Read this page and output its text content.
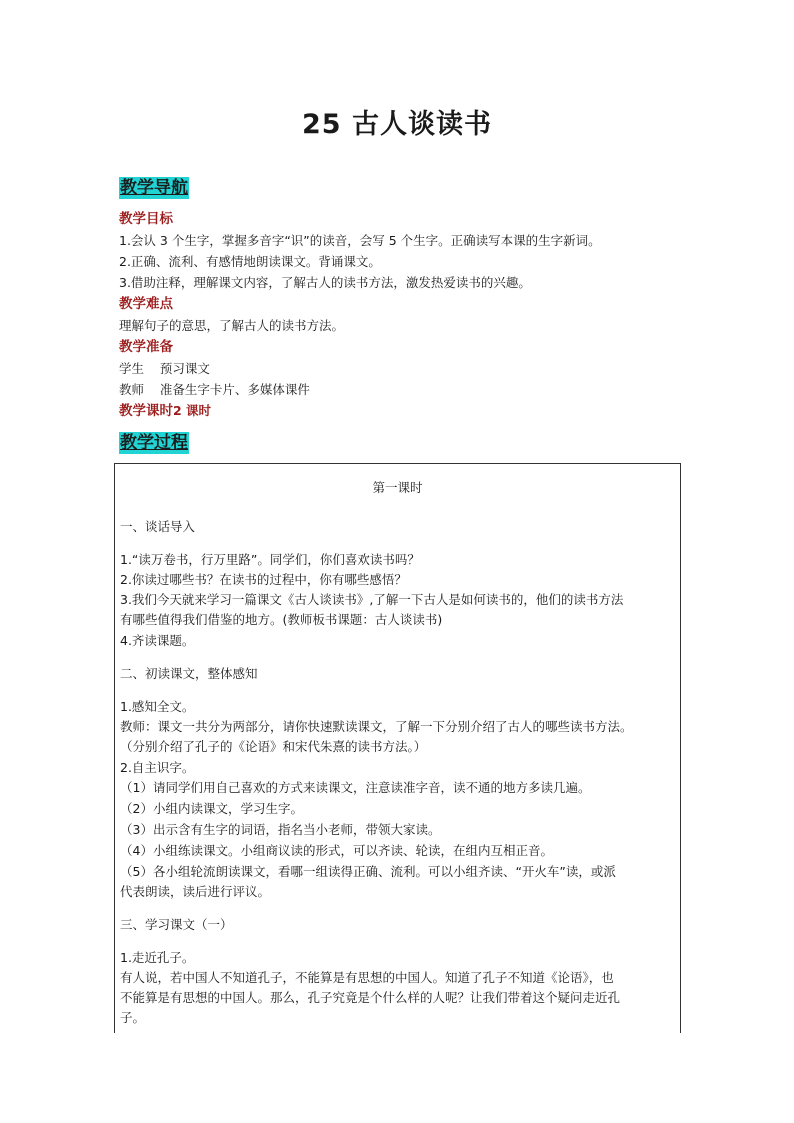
25 古人谈读书
教学导航
教学目标
1.会认 3 个生字，掌握多音字“识”的读音，会写 5 个生字。正确读写本课的生字新词。
2.正确、流利、有感情地朗读课文。背诵课文。
3.借助注释，理解课文内容，了解古人的读书方法，激发热爱读书的兴趣。
教学难点
理解句子的意思，了解古人的读书方法。
教学准备
学生    预习课文
教师    准备生字卡片、多媒体课件
教学课时2 课时
教学过程
第一课时
一、谈话导入
1.“读万卷书，行万里路”。同学们，你们喜欢读书吗？
2.你读过哪些书？在读书的过程中，你有哪些感悟？
3.我们今天就来学习一篇课文《古人谈读书》,了解一下古人是如何读书的，他们的读书方法
有哪些值得我们借鉴的地方。(教师板书课题：古人谈读书)
4.齐读课题。
二、初读课文，整体感知
1.感知全文。
教师：课文一共分为两部分，请你快速默读课文，了解一下分别介绍了古人的哪些读书方法。
（分别介绍了孔子的《论语》和宋代朱熹的读书方法。）
2.自主识字。
（1）请同学们用自己喜欢的方式来读课文，注意读准字音，读不通的地方多读几遍。
（2）小组内读课文，学习生字。
（3）出示含有生字的词语，指名当小老师，带领大家读。
（4）小组练读课文。小组商议读的形式，可以齐读、轮读，在组内互相正音。
（5）各小组轮流朗读课文，看哪一组读得正确、流利。可以小组齐读、“开火车”读，或派
代表朗读，读后进行评议。
三、学习课文（一）
1.走近孔子。
有人说，若中国人不知道孔子，不能算是有思想的中国人。知道了孔子不知道《论语》，也
不能算是有思想的中国人。那么，孔子究竟是个什么样的人呢？让我们带着这个疑问走近孔
子。
